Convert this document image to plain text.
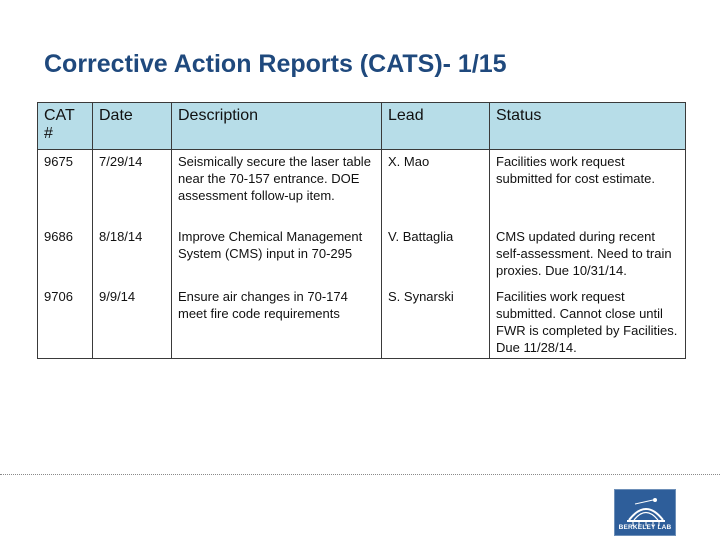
Corrective Action Reports (CATS)- 1/15
CAT #	Date	Description	Lead	Status
9675	7/29/14	Seismically secure the laser table near the 70-157 entrance. DOE assessment follow-up item.	X. Mao	Facilities work request submitted for cost estimate.
9686	8/18/14	Improve Chemical Management System (CMS) input in 70-295	V. Battaglia	CMS updated during recent self-assessment. Need to train proxies. Due 10/31/14.
9706	9/9/14	Ensure air changes in 70-174 meet fire code requirements	S. Synarski	Facilities work request submitted. Cannot close until FWR is completed by Facilities. Due 11/28/14.
BERKELEY LAB
